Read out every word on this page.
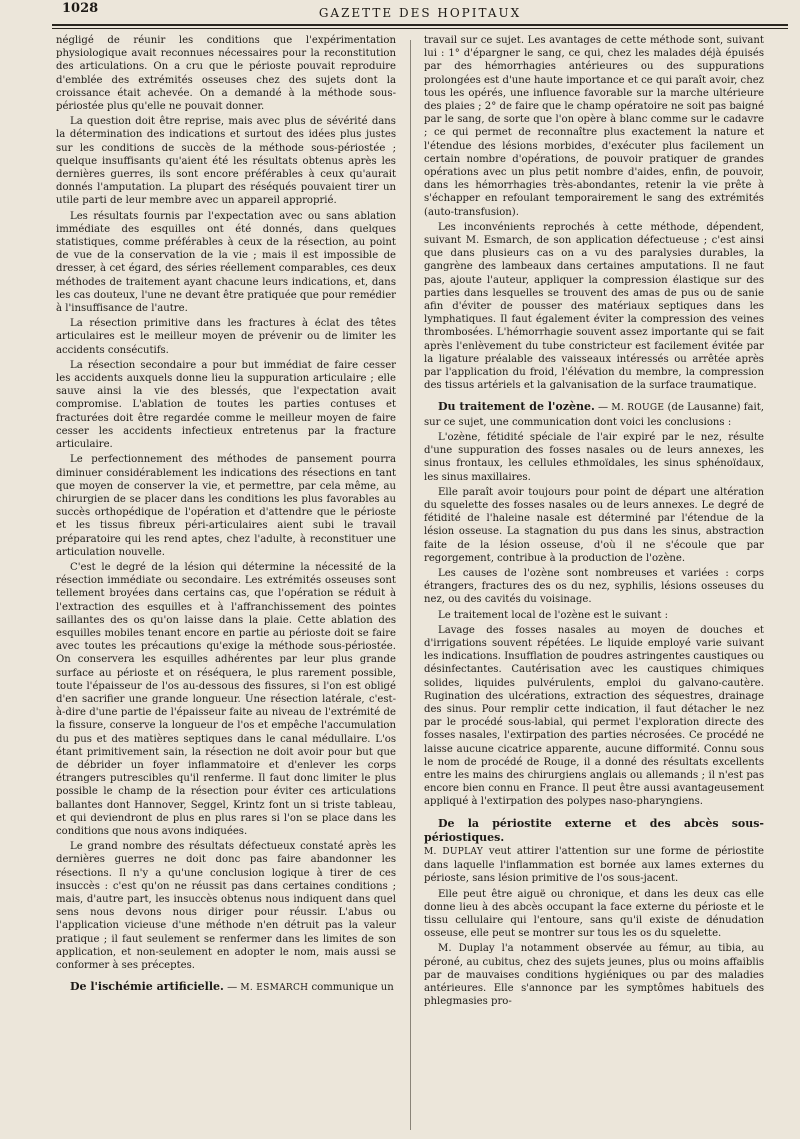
1028	GAZETTE DES HOPITAUX

négligé de réunir les conditions que l'expérimentation physiologique avait reconnues nécessaires pour la reconstitution des articulations. On a cru que le périoste pouvait reproduire d'emblée des extrémités osseuses chez des sujets dont la croissance était achevée. On a demandé à la méthode sous-périostée plus qu'elle ne pouvait donner.

La question doit être reprise, mais avec plus de sévérité dans la détermination des indications et surtout des idées plus justes sur les conditions de succès de la méthode sous-périostée ; quelque insuffisants qu'aient été les résultats obtenus après les dernières guerres, ils sont encore préférables à ceux qu'aurait donnés l'amputation. La plupart des réséqués pouvaient tirer un utile parti de leur membre avec un appareil approprié.

Les résultats fournis par l'expectation avec ou sans ablation immédiate des esquilles ont été donnés, dans quelques statistiques, comme préférables à ceux de la résection, au point de vue de la conservation de la vie ; mais il est impossible de dresser, à cet égard, des séries réellement comparables, ces deux méthodes de traitement ayant chacune leurs indications, et, dans les cas douteux, l'une ne devant être pratiquée que pour remédier à l'insuffisance de l'autre.

La résection primitive dans les fractures à éclat des têtes articulaires est le meilleur moyen de prévenir ou de limiter les accidents consécutifs.

La résection secondaire a pour but immédiat de faire cesser les accidents auxquels donne lieu la suppuration articulaire ; elle sauve ainsi la vie des blessés, que l'expectation avait compromise. L'ablation de toutes les parties contuses et fracturées doit être regardée comme le meilleur moyen de faire cesser les accidents infectieux entretenus par la fracture articulaire.

Le perfectionnement des méthodes de pansement pourra diminuer considérablement les indications des résections en tant que moyen de conserver la vie, et permettre, par cela même, au chirurgien de se placer dans les conditions les plus favorables au succès orthopédique de l'opération et d'attendre que le périoste et les tissus fibreux péri-articulaires aient subi le travail préparatoire qui les rend aptes, chez l'adulte, à reconstituer une articulation nouvelle.

C'est le degré de la lésion qui détermine la nécessité de la résection immédiate ou secondaire. Les extrémités osseuses sont tellement broyées dans certains cas, que l'opération se réduit à l'extraction des esquilles et à l'affranchissement des pointes saillantes des os qu'on laisse dans la plaie. Cette ablation des esquilles mobiles tenant encore en partie au périoste doit se faire avec toutes les précautions qu'exige la méthode sous-périostée. On conservera les esquilles adhérentes par leur plus grande surface au périoste et on réséquera, le plus rarement possible, toute l'épaisseur de l'os au-dessous des fissures, si l'on est obligé d'en sacrifier une grande longueur. Une résection latérale, c'est-à-dire d'une partie de l'épaisseur faite au niveau de l'extrémité de la fissure, conserve la longueur de l'os et empêche l'accumulation du pus et des matières septiques dans le canal médullaire. L'os étant primitivement sain, la résection ne doit avoir pour but que de débrider un foyer inflammatoire et d'enlever les corps étrangers putrescibles qu'il renferme. Il faut donc limiter le plus possible le champ de la résection pour éviter ces articulations ballantes dont Hannover, Seggel, Krintz font un si triste tableau, et qui deviendront de plus en plus rares si l'on se place dans les conditions que nous avons indiquées.

Le grand nombre des résultats défectueux constaté après les dernières guerres ne doit donc pas faire abandonner les résections. Il n'y a qu'une conclusion logique à tirer de ces insuccès : c'est qu'on ne réussit pas dans certaines conditions ; mais, d'autre part, les insuccès obtenus nous indiquent dans quel sens nous devons nous diriger pour réussir. L'abus ou l'application vicieuse d'une méthode n'en détruit pas la valeur pratique ; il faut seulement se renfermer dans les limites de son application, et non-seulement en adopter le nom, mais aussi se conformer à ses préceptes.

De l'ischémie artificielle. — M. ESMARCH communique un

travail sur ce sujet. Les avantages de cette méthode sont, suivant lui : 1° d'épargner le sang, ce qui, chez les malades déjà épuisés par des hémorrhagies antérieures ou des suppurations prolongées est d'une haute importance et ce qui paraît avoir, chez tous les opérés, une influence favorable sur la marche ultérieure des plaies ; 2° de faire que le champ opératoire ne soit pas baigné par le sang, de sorte que l'on opère à blanc comme sur le cadavre ; ce qui permet de reconnaître plus exactement la nature et l'étendue des lésions morbides, d'exécuter plus facilement un certain nombre d'opérations, de pouvoir pratiquer de grandes opérations avec un plus petit nombre d'aides, enfin, de pouvoir, dans les hémorrhagies très-abondantes, retenir la vie prête à s'échapper en refoulant temporairement le sang des extrémités (auto-transfusion).

Les inconvénients reprochés à cette méthode, dépendent, suivant M. Esmarch, de son application défectueuse ; c'est ainsi que dans plusieurs cas on a vu des paralysies durables, la gangrène des lambeaux dans certaines amputations. Il ne faut pas, ajoute l'auteur, appliquer la compression élastique sur des parties dans lesquelles se trouvent des amas de pus ou de sanie afin d'éviter de pousser des matériaux septiques dans les lymphatiques. Il faut également éviter la compression des veines thrombosées. L'hémorrhagie souvent assez importante qui se fait après l'enlèvement du tube constricteur est facilement évitée par la ligature préalable des vaisseaux intéressés ou arrêtée après par l'application du froid, l'élévation du membre, la compression des tissus artériels et la galvanisation de la surface traumatique.

Du traitement de l'ozène. — M. ROUGE (de Lausanne) fait, sur ce sujet, une communication dont voici les conclusions :

L'ozène, fétidité spéciale de l'air expiré par le nez, résulte d'une suppuration des fosses nasales ou de leurs annexes, les sinus frontaux, les cellules ethmoïdales, les sinus sphénoïdaux, les sinus maxillaires.

Elle paraît avoir toujours pour point de départ une altération du squelette des fosses nasales ou de leurs annexes. Le degré de fétidité de l'haleine nasale est déterminé par l'étendue de la lésion osseuse. La stagnation du pus dans les sinus, abstraction faite de la lésion osseuse, d'où il ne s'écoule que par regorgement, contribue à la production de l'ozène.

Les causes de l'ozène sont nombreuses et variées : corps étrangers, fractures des os du nez, syphilis, lésions osseuses du nez, ou des cavités du voisinage.

Le traitement local de l'ozène est le suivant :

Lavage des fosses nasales au moyen de douches et d'irrigations souvent répétées. Le liquide employé varie suivant les indications. Insufflation de poudres astringentes caustiques ou désinfectantes. Cautérisation avec les caustiques chimiques solides, liquides pulvérulents, emploi du galvano-cautère. Rugination des ulcérations, extraction des séquestres, drainage des sinus. Pour remplir cette indication, il faut détacher le nez par le procédé sous-labial, qui permet l'exploration directe des fosses nasales, l'extirpation des parties nécrosées. Ce procédé ne laisse aucune cicatrice apparente, aucune difformité. Connu sous le nom de procédé de Rouge, il a donné des résultats excellents entre les mains des chirurgiens anglais ou allemands ; il n'est pas encore bien connu en France. Il peut être aussi avantageusement appliqué à l'extirpation des polypes naso-pharyngiens.

De la périostite externe et des abcès sous-périostiques.
M. DUPLAY veut attirer l'attention sur une forme de périostite dans laquelle l'inflammation est bornée aux lames externes du périoste, sans lésion primitive de l'os sous-jacent.

Elle peut être aiguë ou chronique, et dans les deux cas elle donne lieu à des abcès occupant la face externe du périoste et le tissu cellulaire qui l'entoure, sans qu'il existe de dénudation osseuse, elle peut se montrer sur tous les os du squelette.

M. Duplay l'a notamment observée au fémur, au tibia, au péroné, au cubitus, chez des sujets jeunes, plus ou moins affaiblis par de mauvaises conditions hygiéniques ou par des maladies antérieures. Elle s'annonce par les symptômes habituels des phlegmasies pro-
